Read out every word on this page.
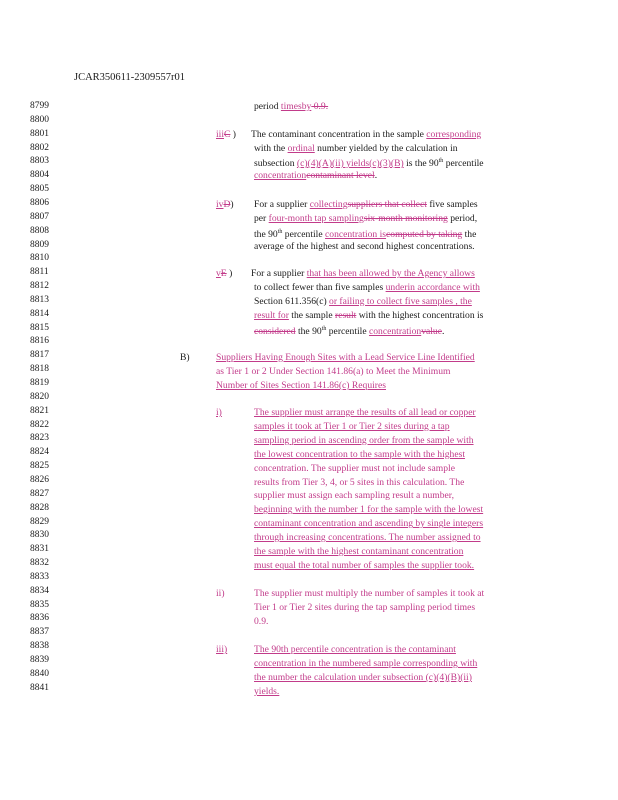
JCAR350611-2309557r01
8799
8800
8801
8802
8803
8804
8805
8806
8807
8808
8809
8810
8811
8812
8813
8814
8815
8816
8817
8818
8819
8820
8821
8822
8823
8824
8825
8826
8827
8828
8829
8830
8831
8832
8833
8834
8835
8836
8837
8838
8839
8840
8841
period timesby 0.9.
iiiC ) The contaminant concentration in the sample corresponding
with the ordinal number yielded by the calculation in
subsection (c)(4)(A)(ii) yields(c)(3)(B) is the 90th percentile
concentrationcontaminant level.
ivD) For a supplier collectingsuppliers that collect five samples
per four-month tap samplingsix-month monitoring period,
the 90th percentile concentration iscomputed by taking the
average of the highest and second highest concentrations.
vE ) For a supplier that has been allowed by the Agency allows
to collect fewer than five samples underin accordance with
Section 611.356(c) or failing to collect five samples , the
result for the sample result with the highest concentration is
considered the 90th percentile concentrationvalue.
B)	Suppliers Having Enough Sites with a Lead Service Line Identified
as Tier 1 or 2 Under Section 141.86(a) to Meet the Minimum
Number of Sites Section 141.86(c) Requires
i)	The supplier must arrange the results of all lead or copper
samples it took at Tier 1 or Tier 2 sites during a tap
sampling period in ascending order from the sample with
the lowest concentration to the sample with the highest
concentration. The supplier must not include sample
results from Tier 3, 4, or 5 sites in this calculation. The
supplier must assign each sampling result a number,
beginning with the number 1 for the sample with the lowest
contaminant concentration and ascending by single integers
through increasing concentrations. The number assigned to
the sample with the highest contaminant concentration
must equal the total number of samples the supplier took.
ii)	The supplier must multiply the number of samples it took at
Tier 1 or Tier 2 sites during the tap sampling period times
0.9.
iii)	The 90th percentile concentration is the contaminant
concentration in the numbered sample corresponding with
the number the calculation under subsection (c)(4)(B)(ii)
yields.
